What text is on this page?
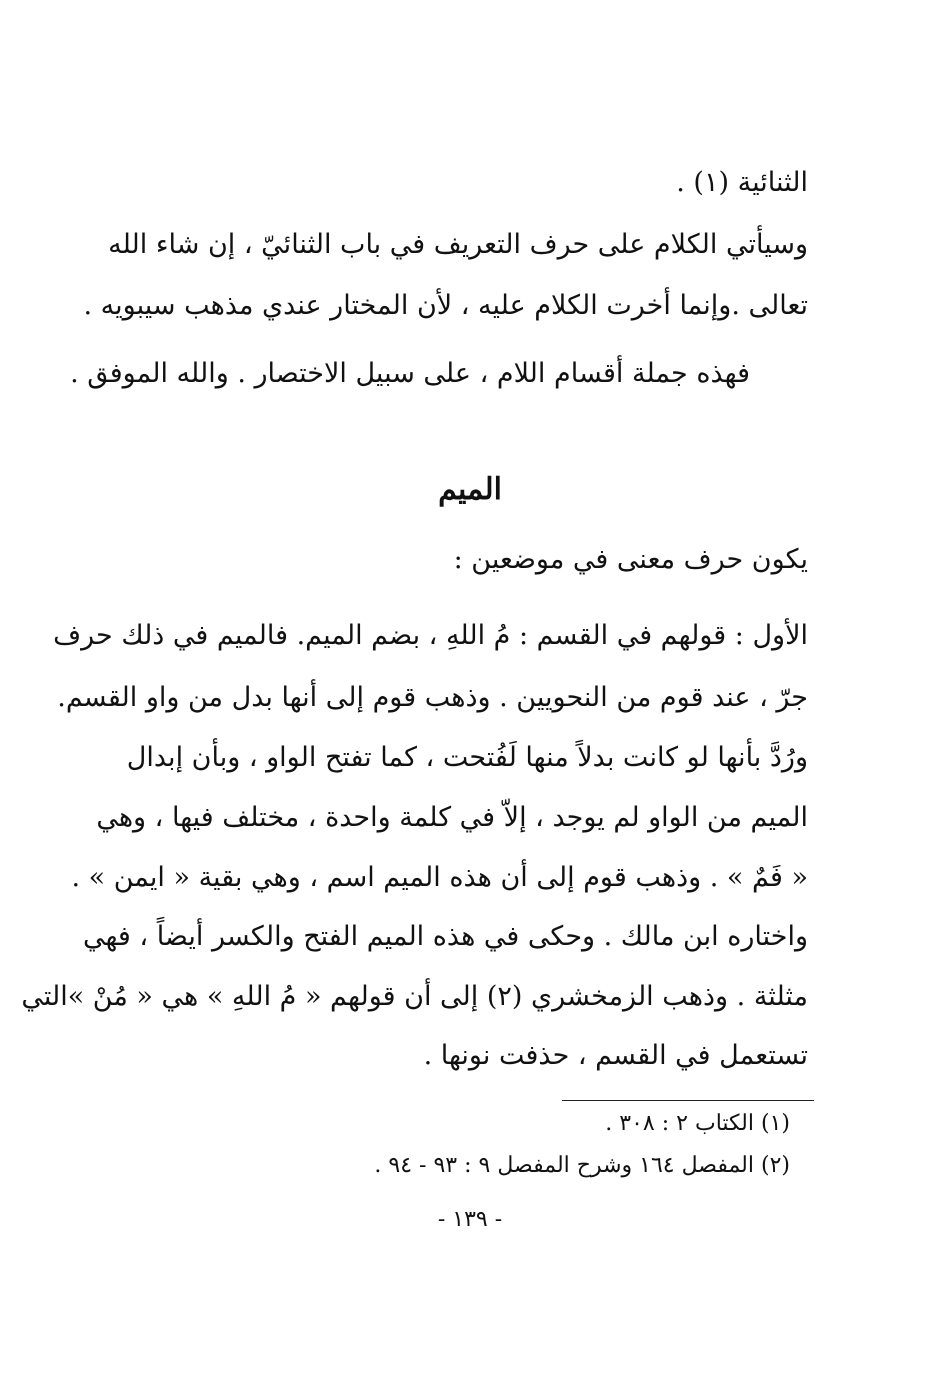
الثنائية (١) .
وسيأتي الكلام على حرف التعريف في باب الثنائيّ ، إن شاء الله
تعالى .وإنما أخرت الكلام عليه ، لأن المختار عندي مذهب سيبويه .
فهذه جملة أقسام اللام ، على سبيل الاختصار . والله الموفق .
الميم
يكون حرف معنى في موضعين :
الأول : قولهم في القسم : مُ اللهِ ، بضم الميم. فالميم في ذلك حرف
جرّ ، عند قوم من النحويين . وذهب قوم إلى أنها بدل من واو القسم.
ورُدَّ بأنها لو كانت بدلاً منها لَفُتحت ، كما تفتح الواو ، وبأن إبدال
الميم من الواو لم يوجد ، إلاّ في كلمة واحدة ، مختلف فيها ، وهي
« فَمٌ » . وذهب قوم إلى أن هذه الميم اسم ، وهي بقية « ايمن » .
واختاره ابن مالك . وحكى في هذه الميم الفتح والكسر أيضاً ، فهي
مثلثة . وذهب الزمخشري (٢) إلى أن قولهم « مُ اللهِ » هي « مُنْ »التي
تستعمل في القسم ، حذفت نونها .
(١) الكتاب ٢ : ٣٠٨ .
(٢) المفصل ١٦٤ وشرح المفصل ٩ : ٩٣ - ٩٤ .
- ١٣٩ -
